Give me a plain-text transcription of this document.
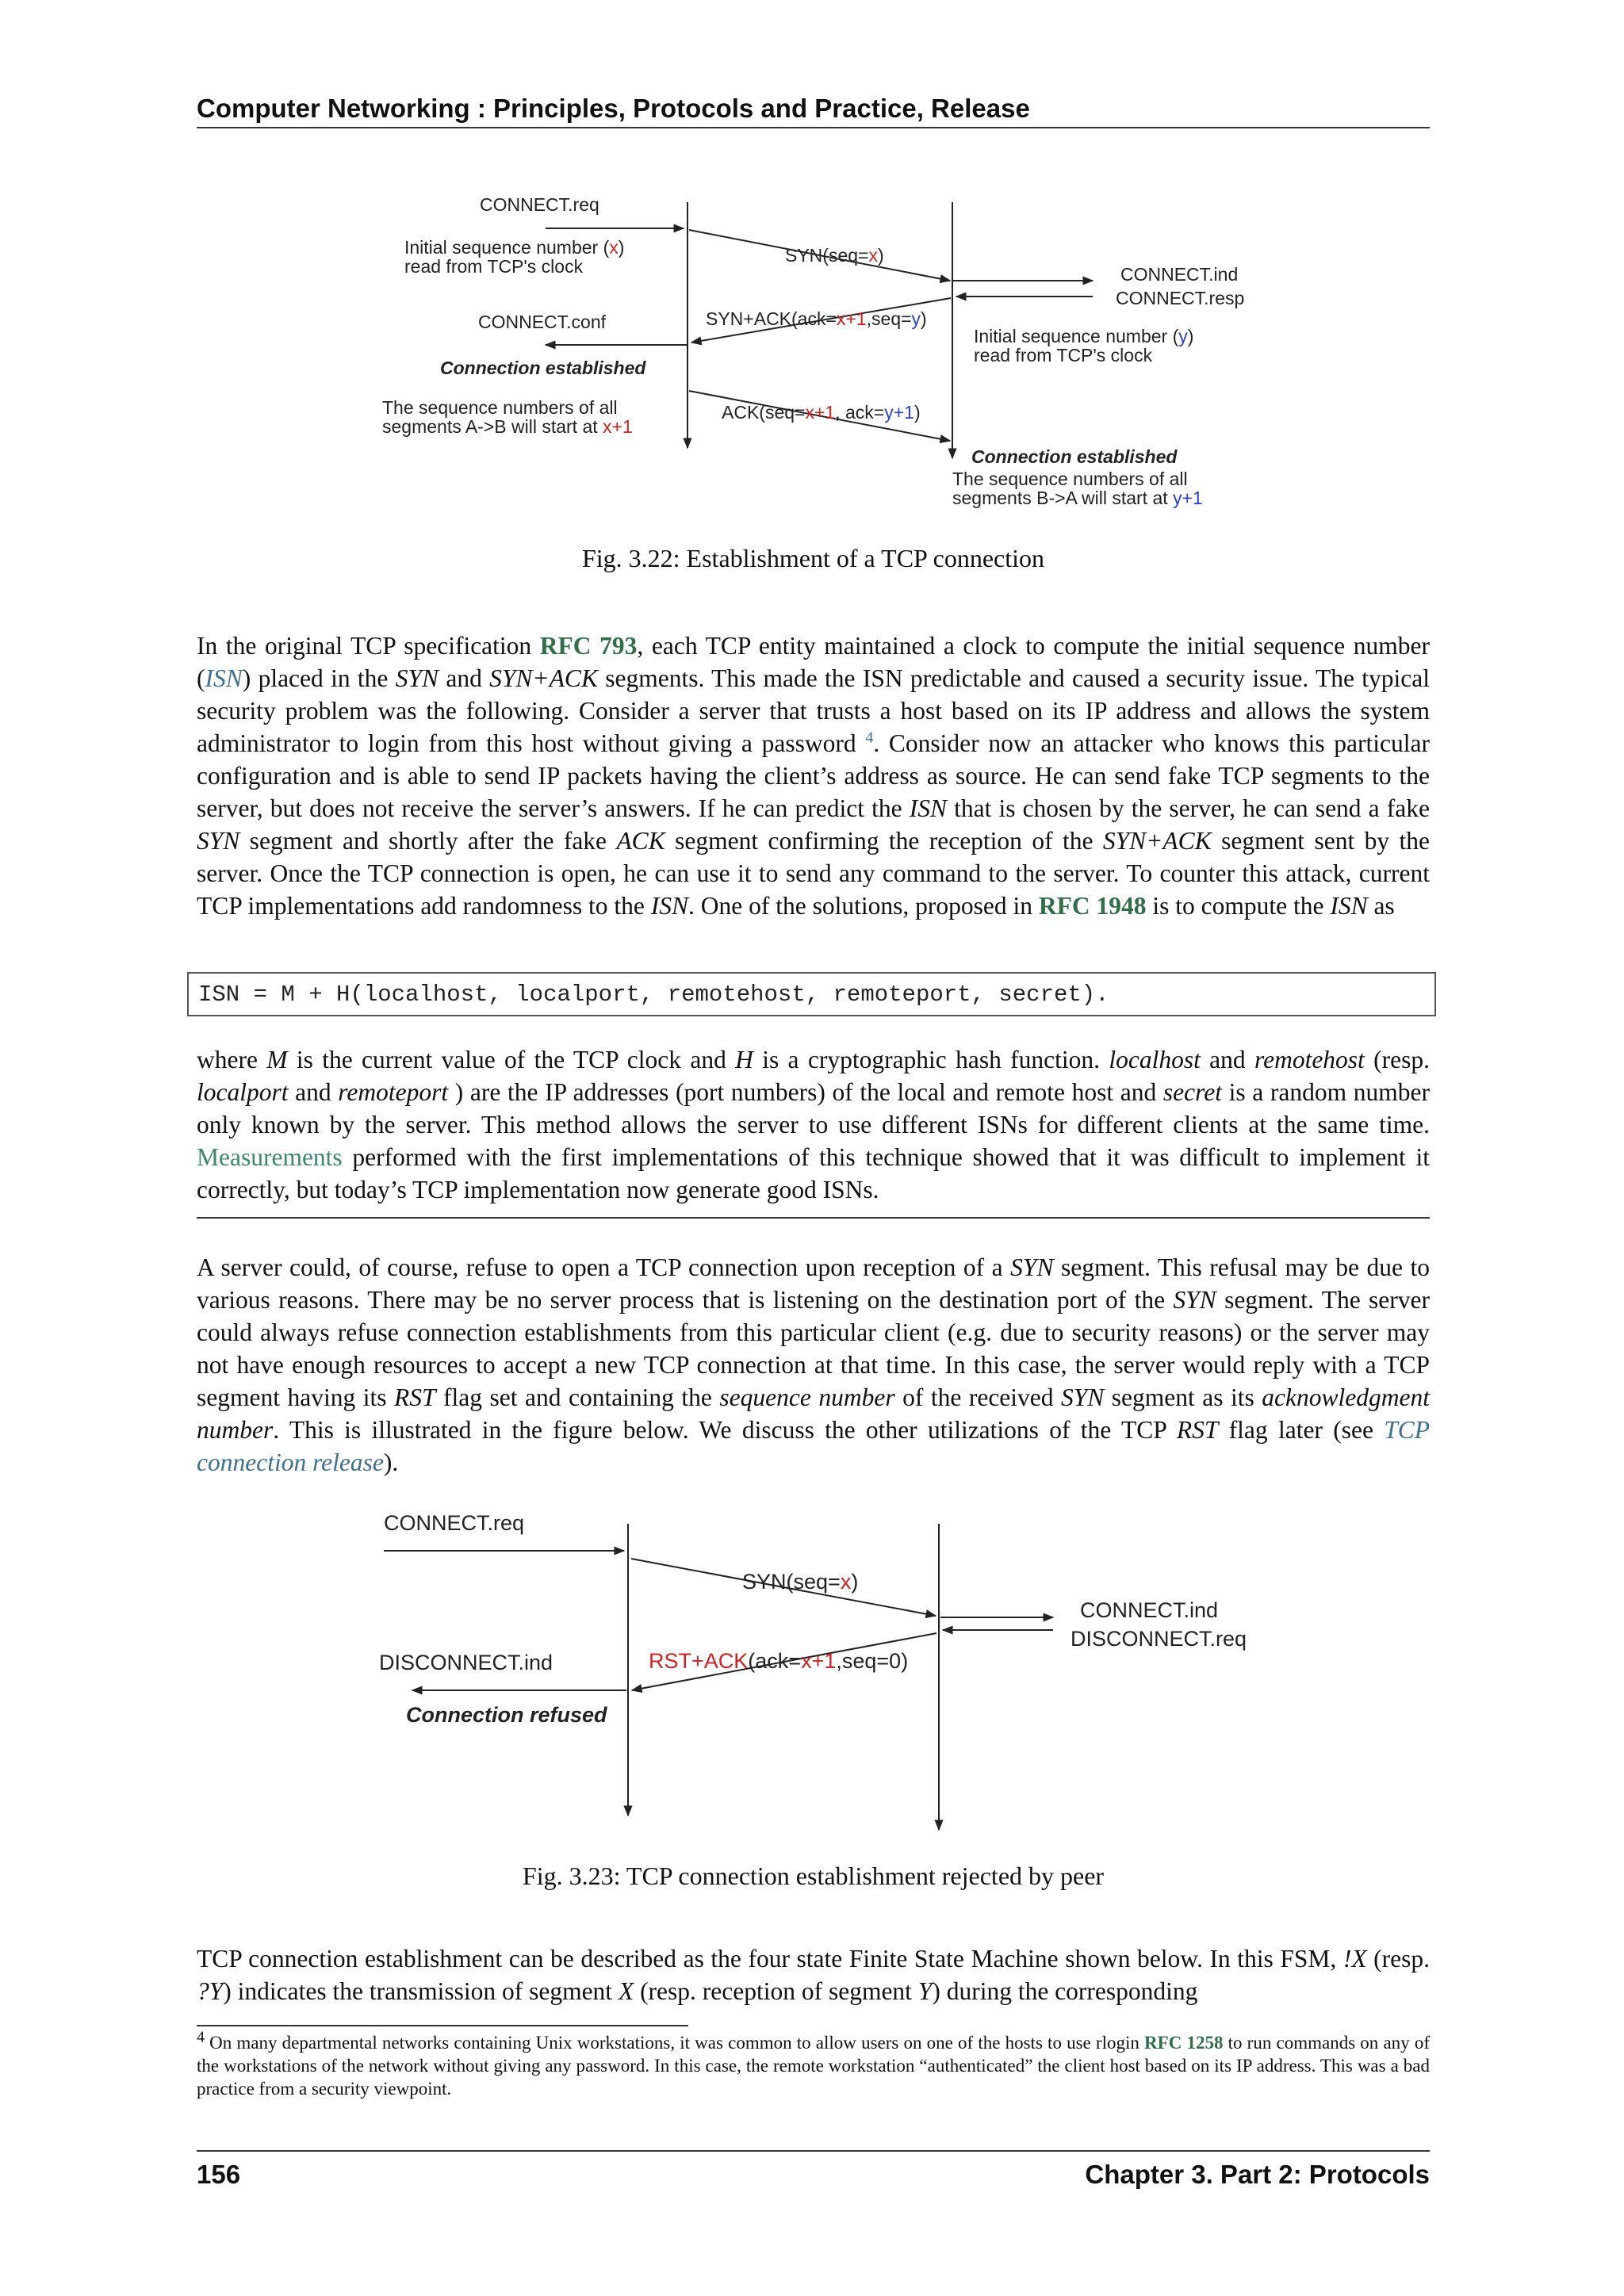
Computer Networking : Principles, Protocols and Practice, Release
CONNECT.req
Initial sequence number (x)
read from TCP's clock
CONNECT.conf
Connection established
The sequence numbers of all
segments A->B will start at x+1
SYN(seq=x)
SYN+ACK(ack=x+1,seq=y)
ACK(seq=x+1, ack=y+1)
CONNECT.ind
CONNECT.resp
Initial sequence number (y)
read from TCP's clock
Connection established
The sequence numbers of all
segments B->A will start at y+1
Fig. 3.22: Establishment of a TCP connection

In the original TCP specification RFC 793, each TCP entity maintained a clock to compute the initial sequence number (ISN) placed in the SYN and SYN+ACK segments. This made the ISN predictable and caused a security issue. The typical security problem was the following. Consider a server that trusts a host based on its IP address and allows the system administrator to login from this host without giving a password $^4$. Consider now an attacker who knows this particular configuration and is able to send IP packets having the client’s address as source. He can send fake TCP segments to the server, but does not receive the server’s answers. If he can predict the ISN that is chosen by the server, he can send a fake SYN segment and shortly after the fake ACK segment confirming the reception of the SYN+ACK segment sent by the server. Once the TCP connection is open, he can use it to send any command to the server. To counter this attack, current TCP implementations add randomness to the ISN. One of the solutions, proposed in RFC 1948 is to compute the ISN as

ISN = M + H(localhost, localport, remotehost, remoteport, secret).

where M is the current value of the TCP clock and H is a cryptographic hash function. localhost and remotehost (resp. localport and remoteport ) are the IP addresses (port numbers) of the local and remote host and secret is a random number only known by the server. This method allows the server to use different ISNs for different clients at the same time. Measurements performed with the first implementations of this technique showed that it was difficult to implement it correctly, but today’s TCP implementation now generate good ISNs.

A server could, of course, refuse to open a TCP connection upon reception of a SYN segment. This refusal may be due to various reasons. There may be no server process that is listening on the destination port of the SYN segment. The server could always refuse connection establishments from this particular client (e.g. due to security reasons) or the server may not have enough resources to accept a new TCP connection at that time. In this case, the server would reply with a TCP segment having its RST flag set and containing the sequence number of the received SYN segment as its acknowledgment number. This is illustrated in the figure below. We discuss the other utilizations of the TCP RST flag later (see TCP connection release).

CONNECT.req
SYN(seq=x)
CONNECT.ind
DISCONNECT.req
DISCONNECT.ind	RST+ACK(ack=x+1,seq=0)
Connection refused
Fig. 3.23: TCP connection establishment rejected by peer

TCP connection establishment can be described as the four state Finite State Machine shown below. In this FSM, !X (resp. ?Y) indicates the transmission of segment X (resp. reception of segment Y) during the corresponding

$^4$ On many departmental networks containing Unix workstations, it was common to allow users on one of the hosts to use rlogin RFC 1258 to run commands on any of the workstations of the network without giving any password. In this case, the remote workstation “authenticated” the client host based on its IP address. This was a bad practice from a security viewpoint.

156	Chapter 3. Part 2: Protocols
